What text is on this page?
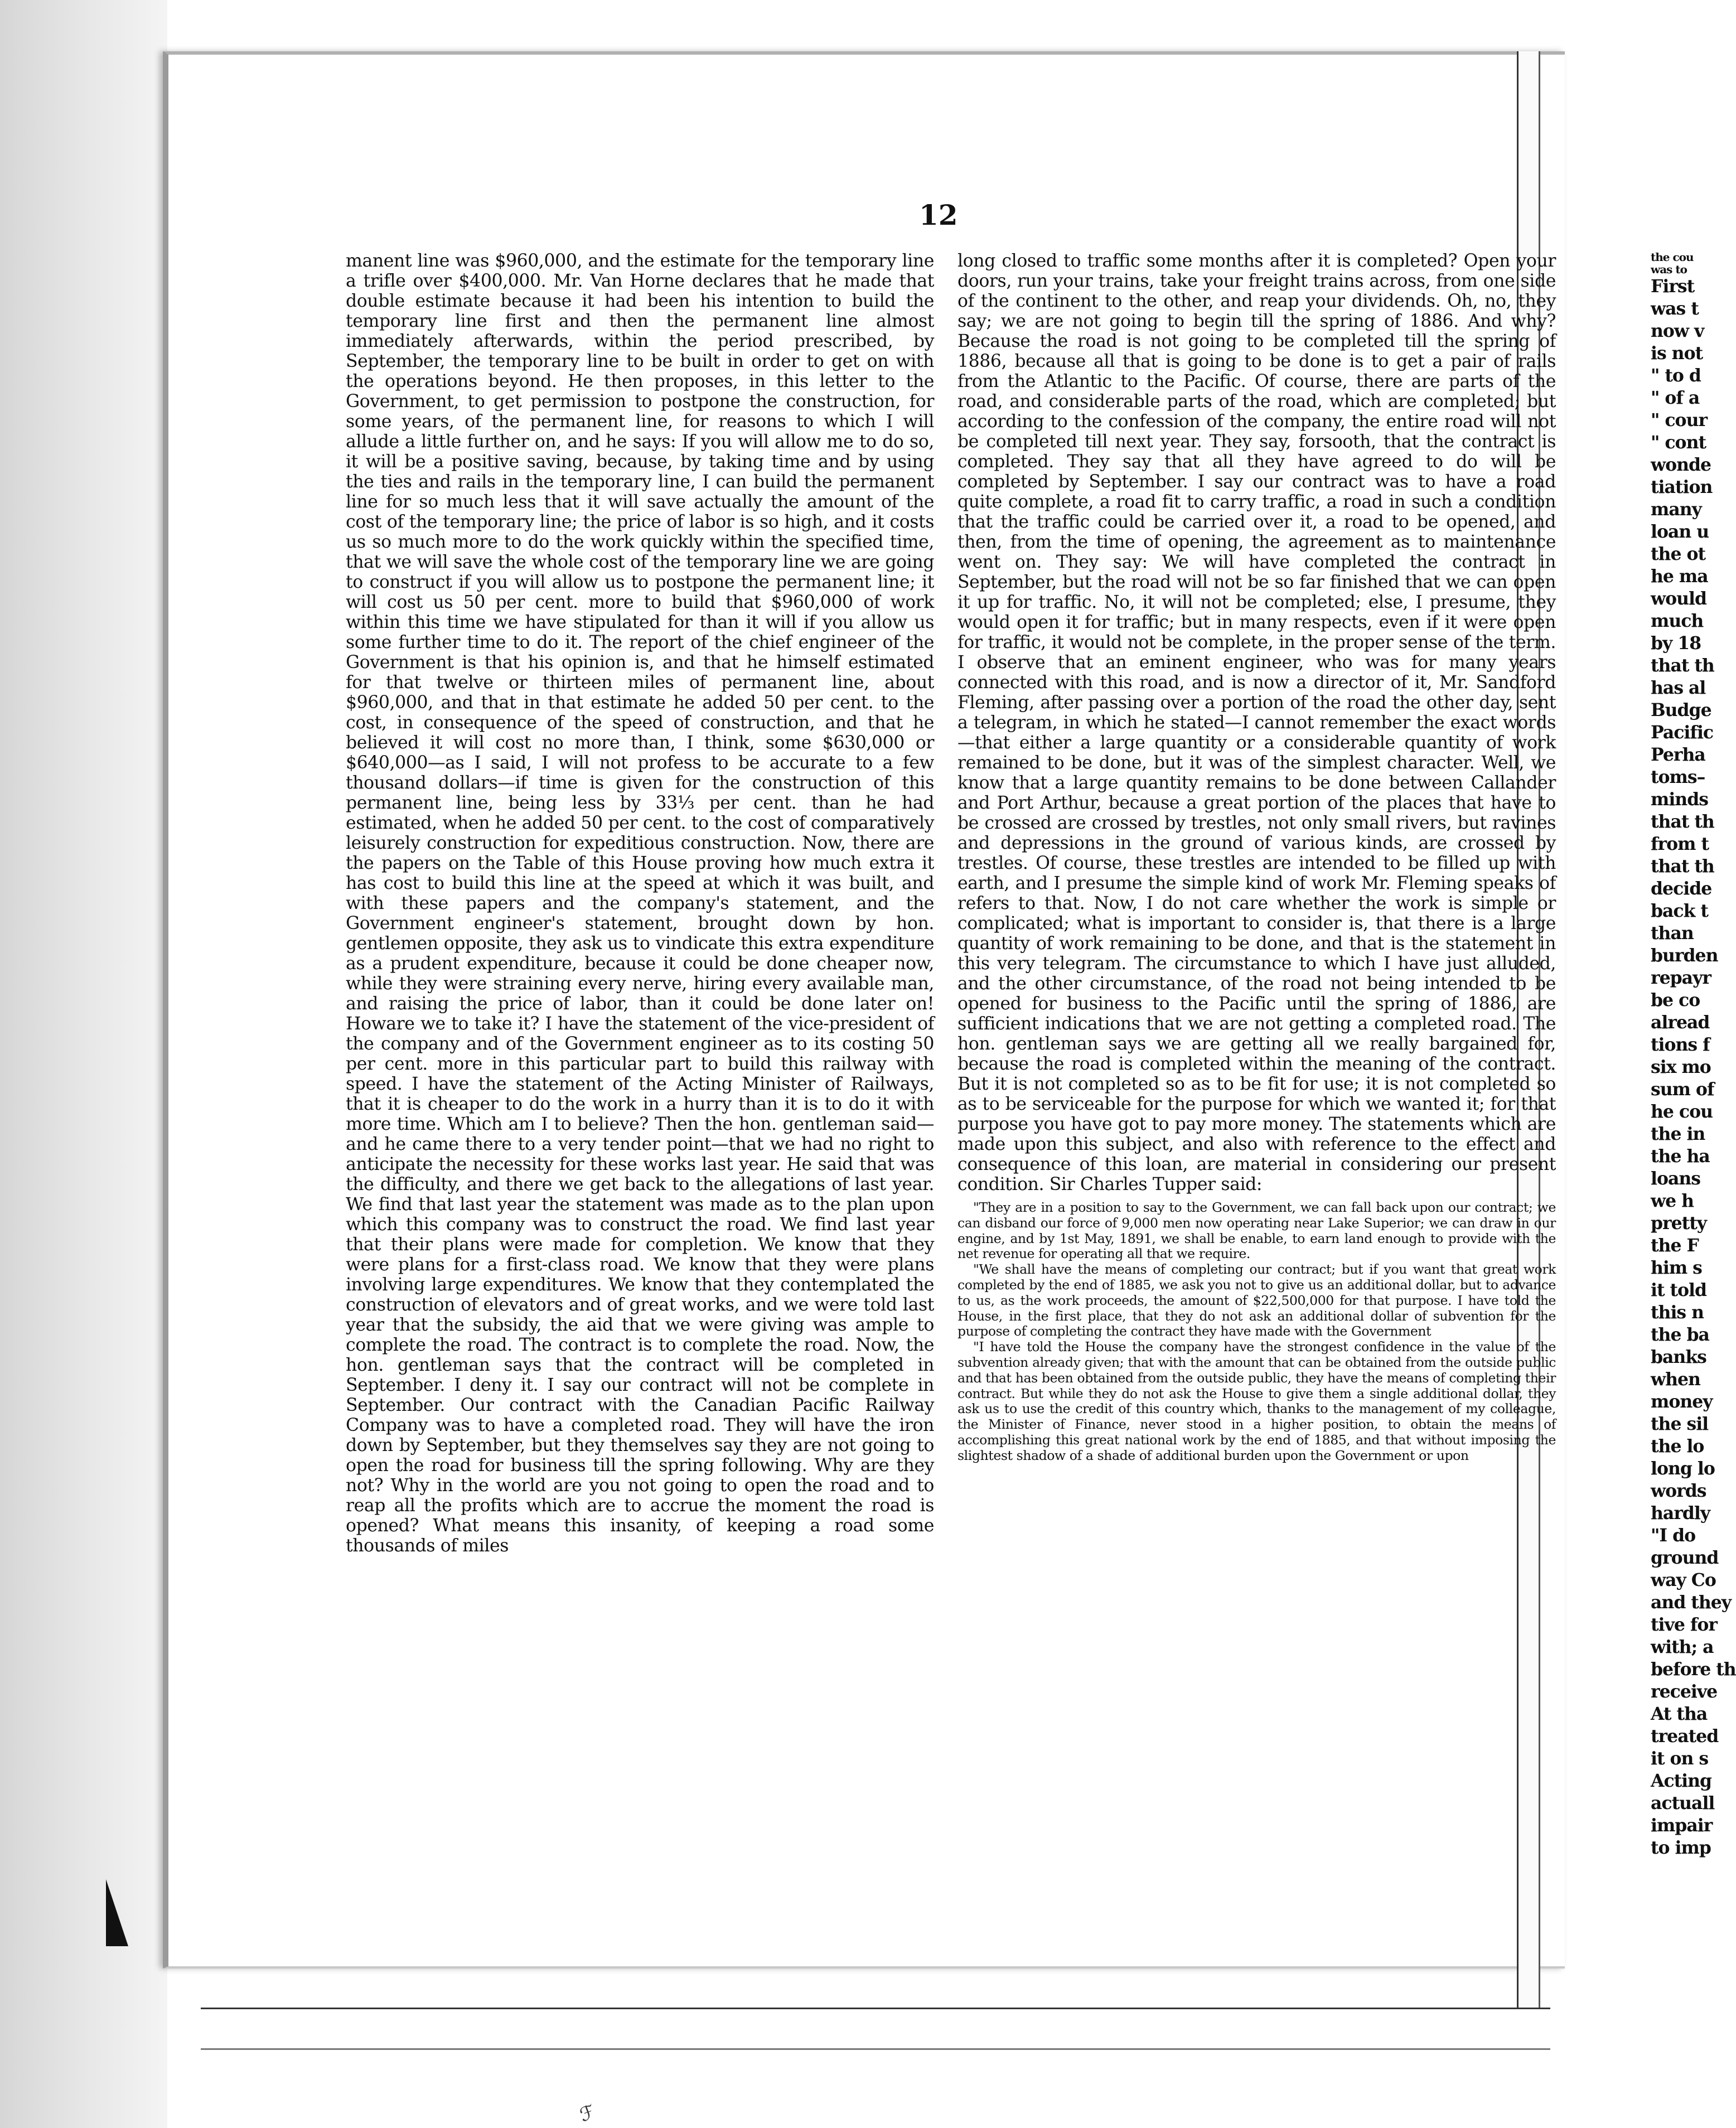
ℱ
12
manent line was $960,000, and the estimate for the temporary line a trifle over $400,000. Mr. Van Horne declares that he made that double estimate because it had been his intention to build the temporary line first and then the permanent line almost immediately afterwards, within the period prescribed, by September, the temporary line to be built in order to get on with the operations beyond. He then proposes, in this letter to the Government, to get permission to postpone the construction, for some years, of the permanent line, for reasons to which I will allude a little further on, and he says: If you will allow me to do so, it will be a positive saving, because, by taking time and by using the ties and rails in the temporary line, I can build the permanent line for so much less that it will save actually the amount of the cost of the temporary line; the price of labor is so high, and it costs us so much more to do the work quickly within the specified time, that we will save the whole cost of the temporary line we are going to construct if you will allow us to postpone the permanent line; it will cost us 50 per cent. more to build that $960,000 of work within this time we have stipulated for than it will if you allow us some further time to do it. The report of the chief engineer of the Government is that his opinion is, and that he himself estimated for that twelve or thirteen miles of permanent line, about $960,000, and that in that estimate he added 50 per cent. to the cost, in consequence of the speed of construction, and that he believed it will cost no more than, I think, some $630,000 or $640,000—as I said, I will not profess to be accurate to a few thousand dollars—if time is given for the construction of this permanent line, being less by 33⅓ per cent. than he had estimated, when he added 50 per cent. to the cost of comparatively leisurely construction for expeditious construction. Now, there are the papers on the Table of this House proving how much extra it has cost to build this line at the speed at which it was built, and with these papers and the company's statement, and the Government engineer's statement, brought down by hon. gentlemen opposite, they ask us to vindicate this extra expenditure as a prudent expenditure, because it could be done cheaper now, while they were straining every nerve, hiring every available man, and raising the price of labor, than it could be done later on! Howare we to take it? I have the statement of the vice-president of the company and of the Government engineer as to its costing 50 per cent. more in this particular part to build this railway with speed. I have the statement of the Acting Minister of Railways, that it is cheaper to do the work in a hurry than it is to do it with more time. Which am I to believe? Then the hon. gentleman said—and he came there to a very tender point—that we had no right to anticipate the necessity for these works last year. He said that was the difficulty, and there we get back to the allegations of last year. We find that last year the statement was made as to the plan upon which this company was to construct the road. We find last year that their plans were made for completion. We know that they were plans for a first-class road. We know that they were plans involving large expenditures. We know that they contemplated the construction of elevators and of great works, and we were told last year that the subsidy, the aid that we were giving was ample to complete the road. The contract is to complete the road. Now, the hon. gentleman says that the contract will be completed in September. I deny it. I say our contract will not be complete in September. Our contract with the Canadian Pacific Railway Company was to have a completed road. They will have the iron down by September, but they themselves say they are not going to open the road for business till the spring following. Why are they not? Why in the world are you not going to open the road and to reap all the profits which are to accrue the moment the road is opened? What means this insanity, of keeping a road some thousands of miles
long closed to traffic some months after it is completed? Open your doors, run your trains, take your freight trains across, from one side of the continent to the other, and reap your dividends. Oh, no, they say; we are not going to begin till the spring of 1886. And why? Because the road is not going to be completed till the spring of 1886, because all that is going to be done is to get a pair of rails from the Atlantic to the Pacific. Of course, there are parts of the road, and considerable parts of the road, which are completed; but according to the confession of the company, the entire road will not be completed till next year. They say, forsooth, that the contract is completed. They say that all they have agreed to do will be completed by September. I say our contract was to have a road quite complete, a road fit to carry traffic, a road in such a condition that the traffic could be carried over it, a road to be opened, and then, from the time of opening, the agreement as to maintenance went on. They say: We will have completed the contract in September, but the road will not be so far finished that we can open it up for traffic. No, it will not be completed; else, I presume, they would open it for traffic; but in many respects, even if it were open for traffic, it would not be complete, in the proper sense of the term. I observe that an eminent engineer, who was for many years connected with this road, and is now a director of it, Mr. Sandford Fleming, after passing over a portion of the road the other day, sent a telegram, in which he stated—I cannot remember the exact words—that either a large quantity or a considerable quantity of work remained to be done, but it was of the simplest character. Well, we know that a large quantity remains to be done between Callander and Port Arthur, because a great portion of the places that have to be crossed are crossed by trestles, not only small rivers, but ravines and depressions in the ground of various kinds, are crossed by trestles. Of course, these trestles are intended to be filled up with earth, and I presume the simple kind of work Mr. Fleming speaks of refers to that. Now, I do not care whether the work is simple or complicated; what is important to consider is, that there is a large quantity of work remaining to be done, and that is the statement in this very telegram. The circumstance to which I have just alluded, and the other circumstance, of the road not being intended to be opened for business to the Pacific until the spring of 1886, are sufficient indications that we are not getting a completed road. The hon. gentleman says we are getting all we really bargained for, because the road is completed within the meaning of the contract. But it is not completed so as to be fit for use; it is not completed so as to be serviceable for the purpose for which we wanted it; for that purpose you have got to pay more money. The statements which are made upon this subject, and also with reference to the effect and consequence of this loan, are material in considering our present condition. Sir Charles Tupper said:
"They are in a position to say to the Government, we can fall back upon our contract; we can disband our force of 9,000 men now operating near Lake Superior; we can draw in our engine, and by 1st May, 1891, we shall be enable, to earn land enough to provide with the net revenue for operating all that we require.
"We shall have the means of completing our contract; but if you want that great work completed by the end of 1885, we ask you not to give us an additional dollar, but to advance to us, as the work proceeds, the amount of $22,500,000 for that purpose. I have told the House, in the first place, that they do not ask an additional dollar of subvention for the purpose of completing the contract they have made with the Government
"I have told the House the company have the strongest confidence in the value of the subvention already given; that with the amount that can be obtained from the outside public and that has been obtained from the outside public, they have the means of completing their contract. But while they do not ask the House to give them a single additional dollar, they ask us to use the credit of this country which, thanks to the management of my colleague, the Minister of Finance, never stood in a higher position, to obtain the means of accomplishing this great national work by the end of 1885, and that without imposing the slightest shadow of a shade of additional burden upon the Government or upon
the cou
was to
First
was t
now v
is not
" to d
" of a
" cour
" cont
wonde
tiation
many
loan u
the ot
he ma
would
much
by 18
that th
has al
Budge
Pacific
Perha
toms–
minds
that th
from t
that th
decide
back t
than
burden
repayr
be co
alread
tions f
six mo
sum of
he cou
the in
the ha
loans
we h
pretty
the F
him s
it told
this n
the ba
banks
when
money
the sil
the lo
long lo
words
hardly
"I do
ground
way Co
and they
tive for
with; a
before th
receive
At tha
treated
it on s
Acting
actuall
impair
to imp
